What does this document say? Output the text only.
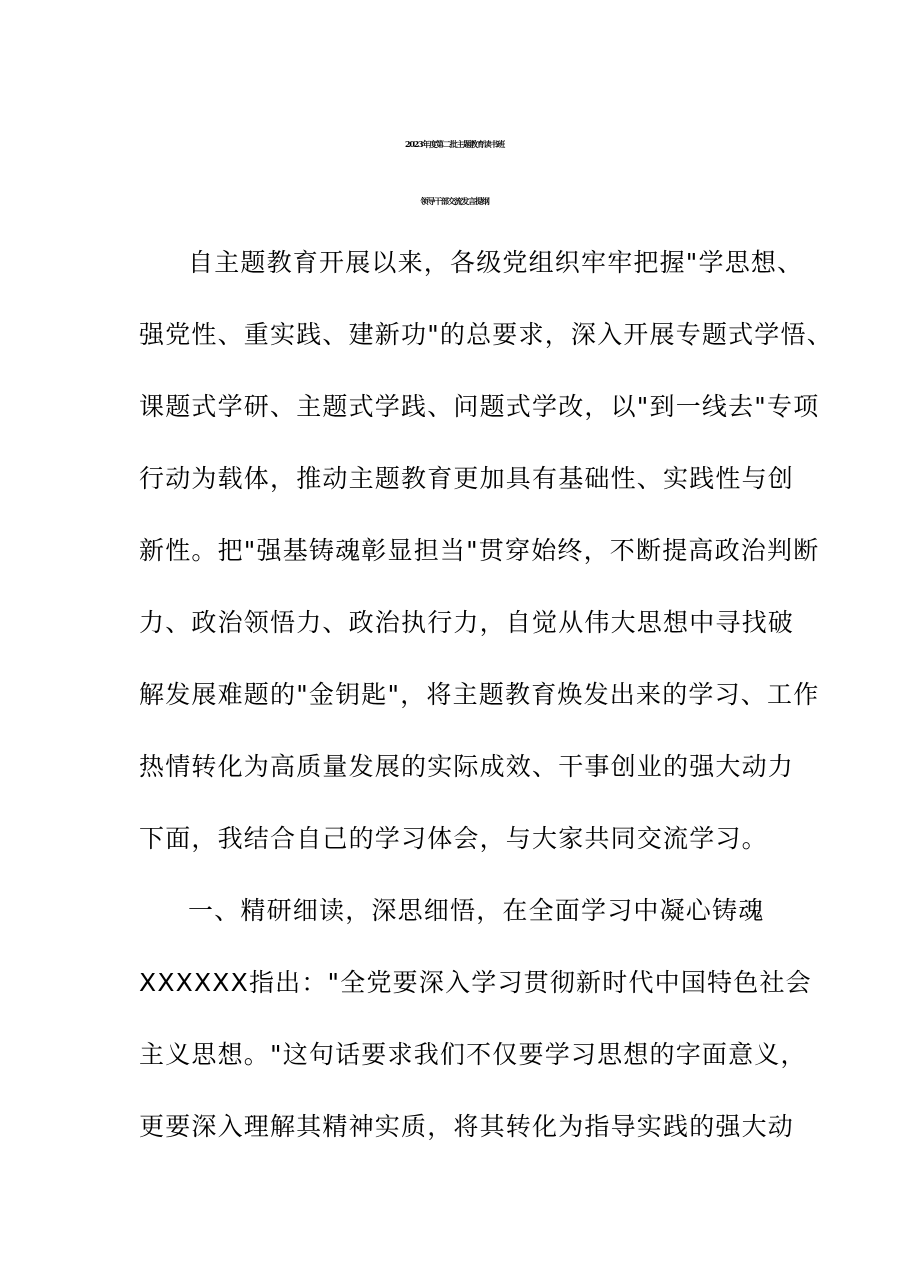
2023年度第二批主题教育读书班
领导干部交流发言提纲
自主题教育开展以来，各级党组织牢牢把握"学思想、
强党性、重实践、建新功"的总要求，深入开展专题式学悟、
课题式学研、主题式学践、问题式学改，以"到一线去"专项
行动为载体，推动主题教育更加具有基础性、实践性与创
新性。把"强基铸魂彰显担当"贯穿始终，不断提高政治判断
力、政治领悟力、政治执行力，自觉从伟大思想中寻找破
解发展难题的"金钥匙"，将主题教育焕发出来的学习、工作
热情转化为高质量发展的实际成效、干事创业的强大动力
下面，我结合自己的学习体会，与大家共同交流学习。
一、精研细读，深思细悟，在全面学习中凝心铸魂
XXXXXX指出："全党要深入学习贯彻新时代中国特色社会
主义思想。"这句话要求我们不仅要学习思想的字面意义，
更要深入理解其精神实质，将其转化为指导实践的强大动
